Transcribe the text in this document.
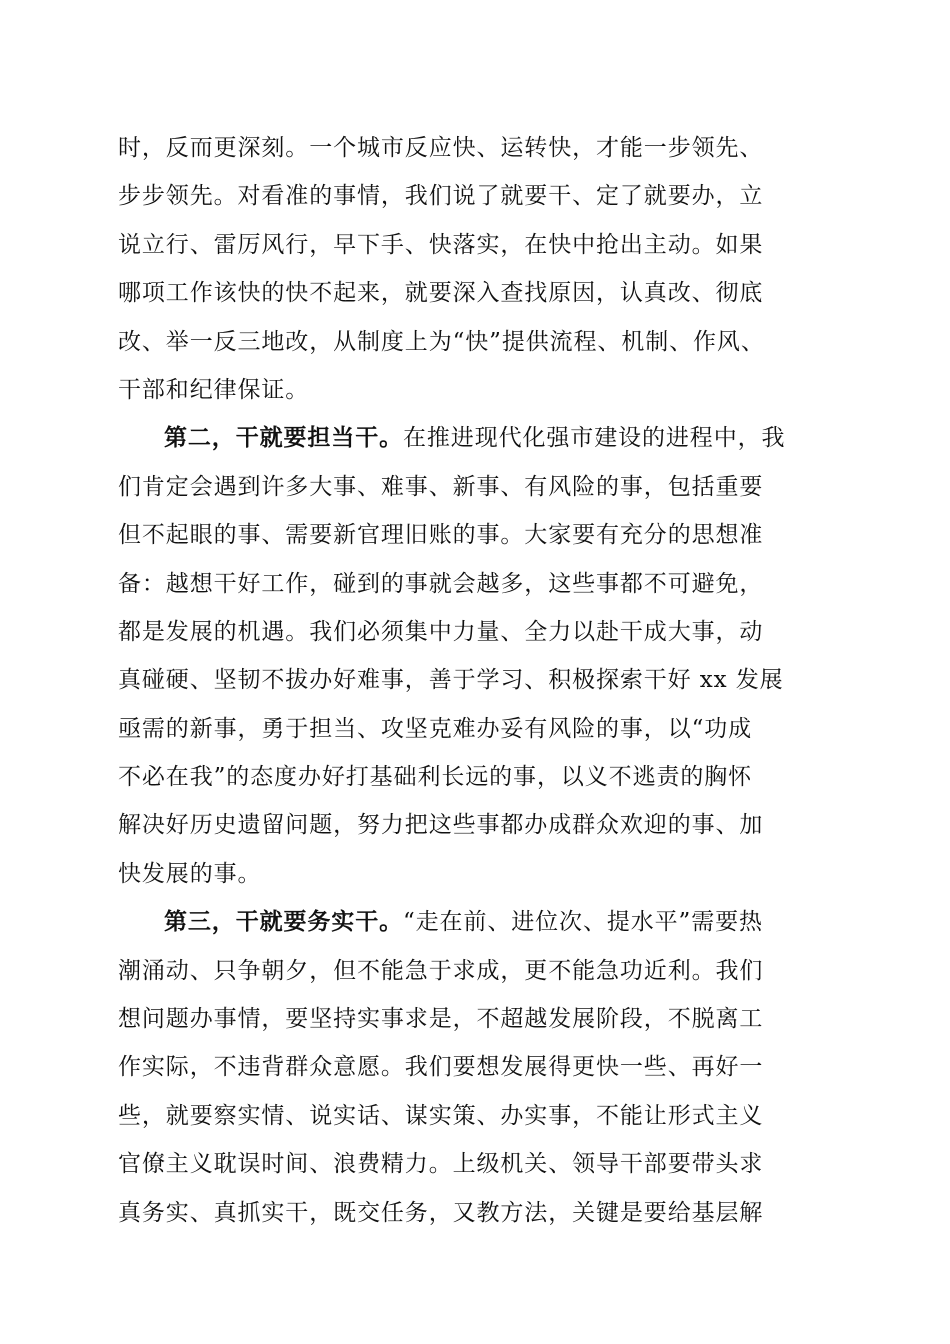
时，反而更深刻。一个城市反应快、运转快，才能一步领先、
步步领先。对看准的事情，我们说了就要干、定了就要办，立
说立行、雷厉风行，早下手、快落实，在快中抢出主动。如果
哪项工作该快的快不起来，就要深入查找原因，认真改、彻底
改、举一反三地改，从制度上为“快”提供流程、机制、作风、
干部和纪律保证。
第二，干就要担当干。在推进现代化强市建设的进程中，我
们肯定会遇到许多大事、难事、新事、有风险的事，包括重要
但不起眼的事、需要新官理旧账的事。大家要有充分的思想准
备：越想干好工作，碰到的事就会越多，这些事都不可避免，
都是发展的机遇。我们必须集中力量、全力以赴干成大事，动
真碰硬、坚韧不拔办好难事，善于学习、积极探索干好 xx 发展
亟需的新事，勇于担当、攻坚克难办妥有风险的事，以“功成
不必在我”的态度办好打基础利长远的事，以义不逃责的胸怀
解决好历史遗留问题，努力把这些事都办成群众欢迎的事、加
快发展的事。
第三，干就要务实干。“走在前、进位次、提水平”需要热
潮涌动、只争朝夕，但不能急于求成，更不能急功近利。我们
想问题办事情，要坚持实事求是，不超越发展阶段，不脱离工
作实际，不违背群众意愿。我们要想发展得更快一些、再好一
些，就要察实情、说实话、谋实策、办实事，不能让形式主义
官僚主义耽误时间、浪费精力。上级机关、领导干部要带头求
真务实、真抓实干，既交任务，又教方法，关键是要给基层解
